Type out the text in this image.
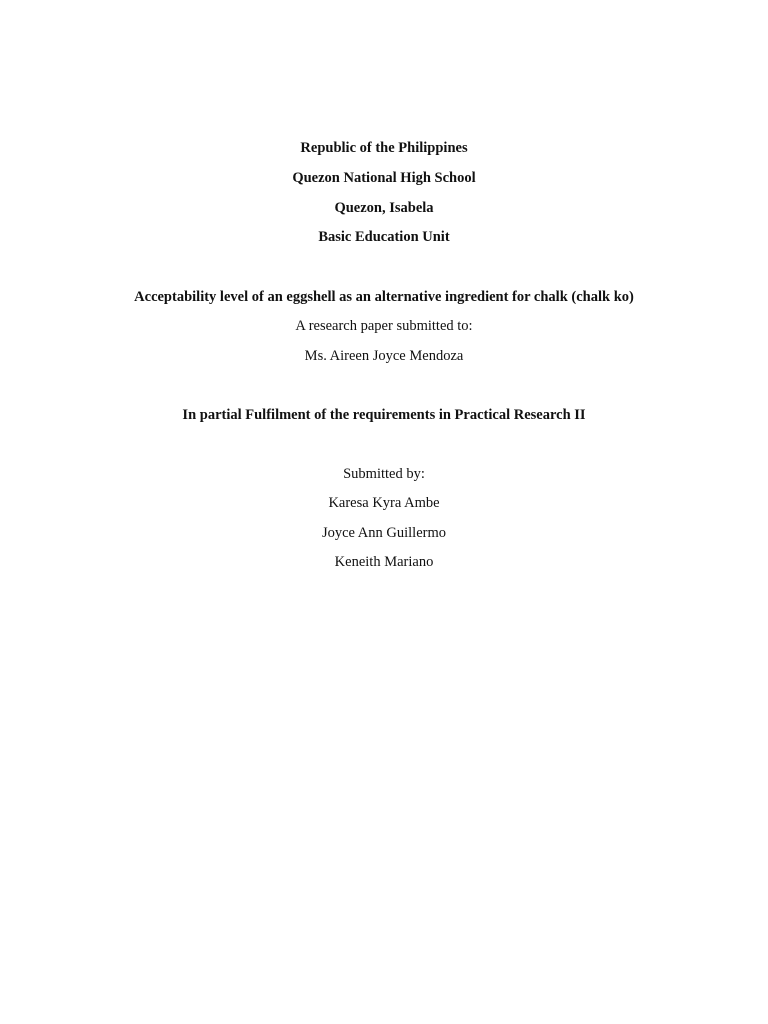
Republic of the Philippines
Quezon National High School
Quezon, Isabela
Basic Education Unit
Acceptability level of an eggshell as an alternative ingredient for chalk (chalk ko)
A research paper submitted to:
Ms. Aireen Joyce Mendoza
In partial Fulfilment of the requirements in Practical Research II
Submitted by:
Karesa Kyra Ambe
Joyce Ann Guillermo
Keneith Mariano
